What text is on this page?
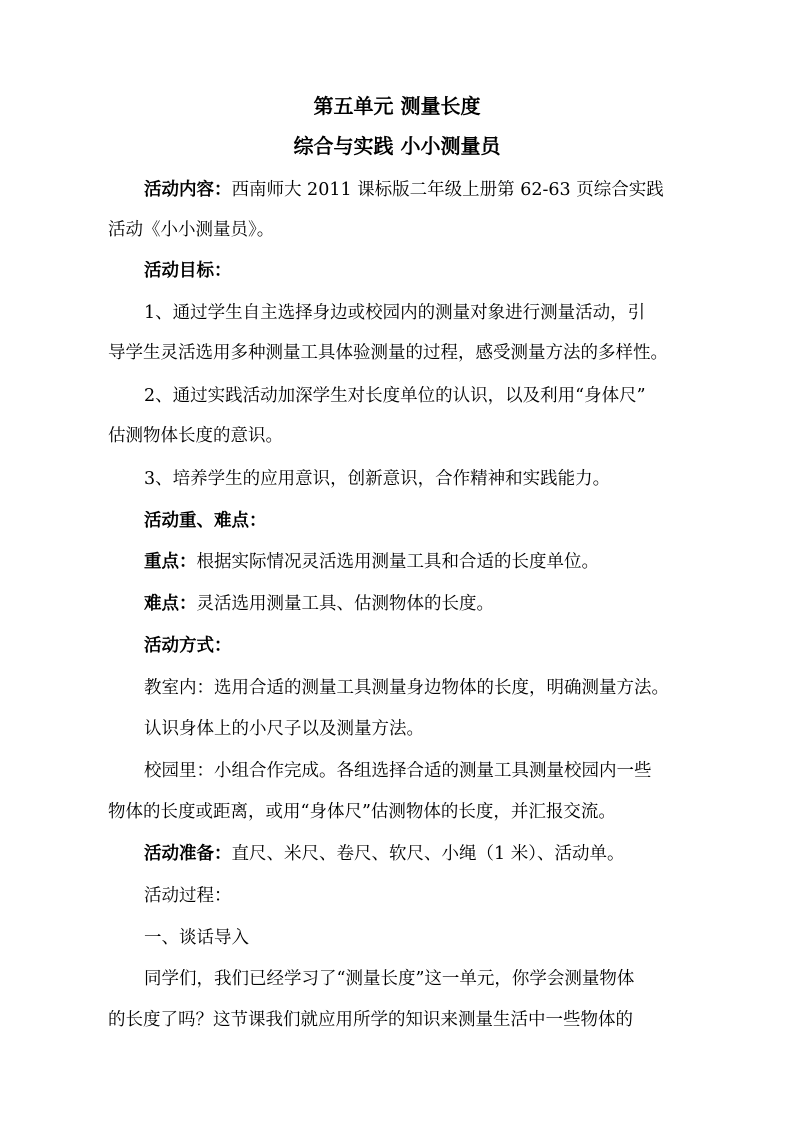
第五单元 测量长度
综合与实践 小小测量员
活动内容：西南师大 2011 课标版二年级上册第 62-63 页综合实践
活动《小小测量员》。
活动目标：
1、通过学生自主选择身边或校园内的测量对象进行测量活动，引
导学生灵活选用多种测量工具体验测量的过程，感受测量方法的多样性。
2、通过实践活动加深学生对长度单位的认识，以及利用“身体尺”
估测物体长度的意识。
3、培养学生的应用意识，创新意识，合作精神和实践能力。
活动重、难点：
重点：根据实际情况灵活选用测量工具和合适的长度单位。
难点：灵活选用测量工具、估测物体的长度。
活动方式：
教室内：选用合适的测量工具测量身边物体的长度，明确测量方法。
认识身体上的小尺子以及测量方法。
校园里：小组合作完成。各组选择合适的测量工具测量校园内一些
物体的长度或距离，或用“身体尺”估测物体的长度，并汇报交流。
活动准备：直尺、米尺、卷尺、软尺、小绳（1 米）、活动单。
活动过程：
一、谈话导入
同学们，我们已经学习了“测量长度”这一单元，你学会测量物体
的长度了吗？这节课我们就应用所学的知识来测量生活中一些物体的
